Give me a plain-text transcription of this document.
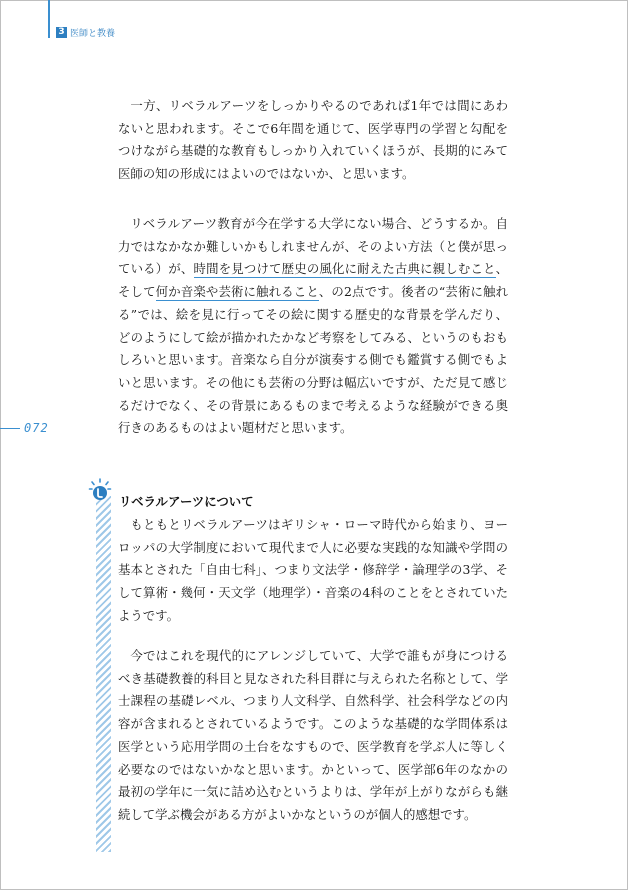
3 医師と教養
072

一方、リベラルアーツをしっかりやるのであれば1年では間にあわないと思われます。そこで6年間を通じて、医学専門の学習と勾配をつけながら基礎的な教育もしっかり入れていくほうが、長期的にみて医師の知の形成にはよいのではないか、と思います。

リベラルアーツ教育が今在学する大学にない場合、どうするか。自力ではなかなか難しいかもしれませんが、そのよい方法（と僕が思っている）が、時間を見つけて歴史の風化に耐えた古典に親しむこと、そして何か音楽や芸術に触れること、の2点です。後者の“芸術に触れる”では、絵を見に行ってその絵に関する歴史的な背景を学んだり、どのようにして絵が描かれたかなど考察をしてみる、というのもおもしろいと思います。音楽なら自分が演奏する側でも鑑賞する側でもよいと思います。その他にも芸術の分野は幅広いですが、ただ見て感じるだけでなく、その背景にあるものまで考えるような経験ができる奥行きのあるものはよい題材だと思います。

リベラルアーツについて

もともとリベラルアーツはギリシャ・ローマ時代から始まり、ヨーロッパの大学制度において現代まで人に必要な実践的な知識や学問の基本とされた「自由七科」、つまり文法学・修辞学・論理学の3学、そして算術・幾何・天文学（地理学）・音楽の4科のことをとされていたようです。

今ではこれを現代的にアレンジしていて、大学で誰もが身につけるべき基礎教養的科目と見なされた科目群に与えられた名称として、学士課程の基礎レベル、つまり人文科学、自然科学、社会科学などの内容が含まれるとされているようです。このような基礎的な学問体系は医学という応用学問の土台をなすもので、医学教育を学ぶ人に等しく必要なのではないかなと思います。かといって、医学部6年のなかの最初の学年に一気に詰め込むというよりは、学年が上がりながらも継続して学ぶ機会がある方がよいかなというのが個人的感想です。
